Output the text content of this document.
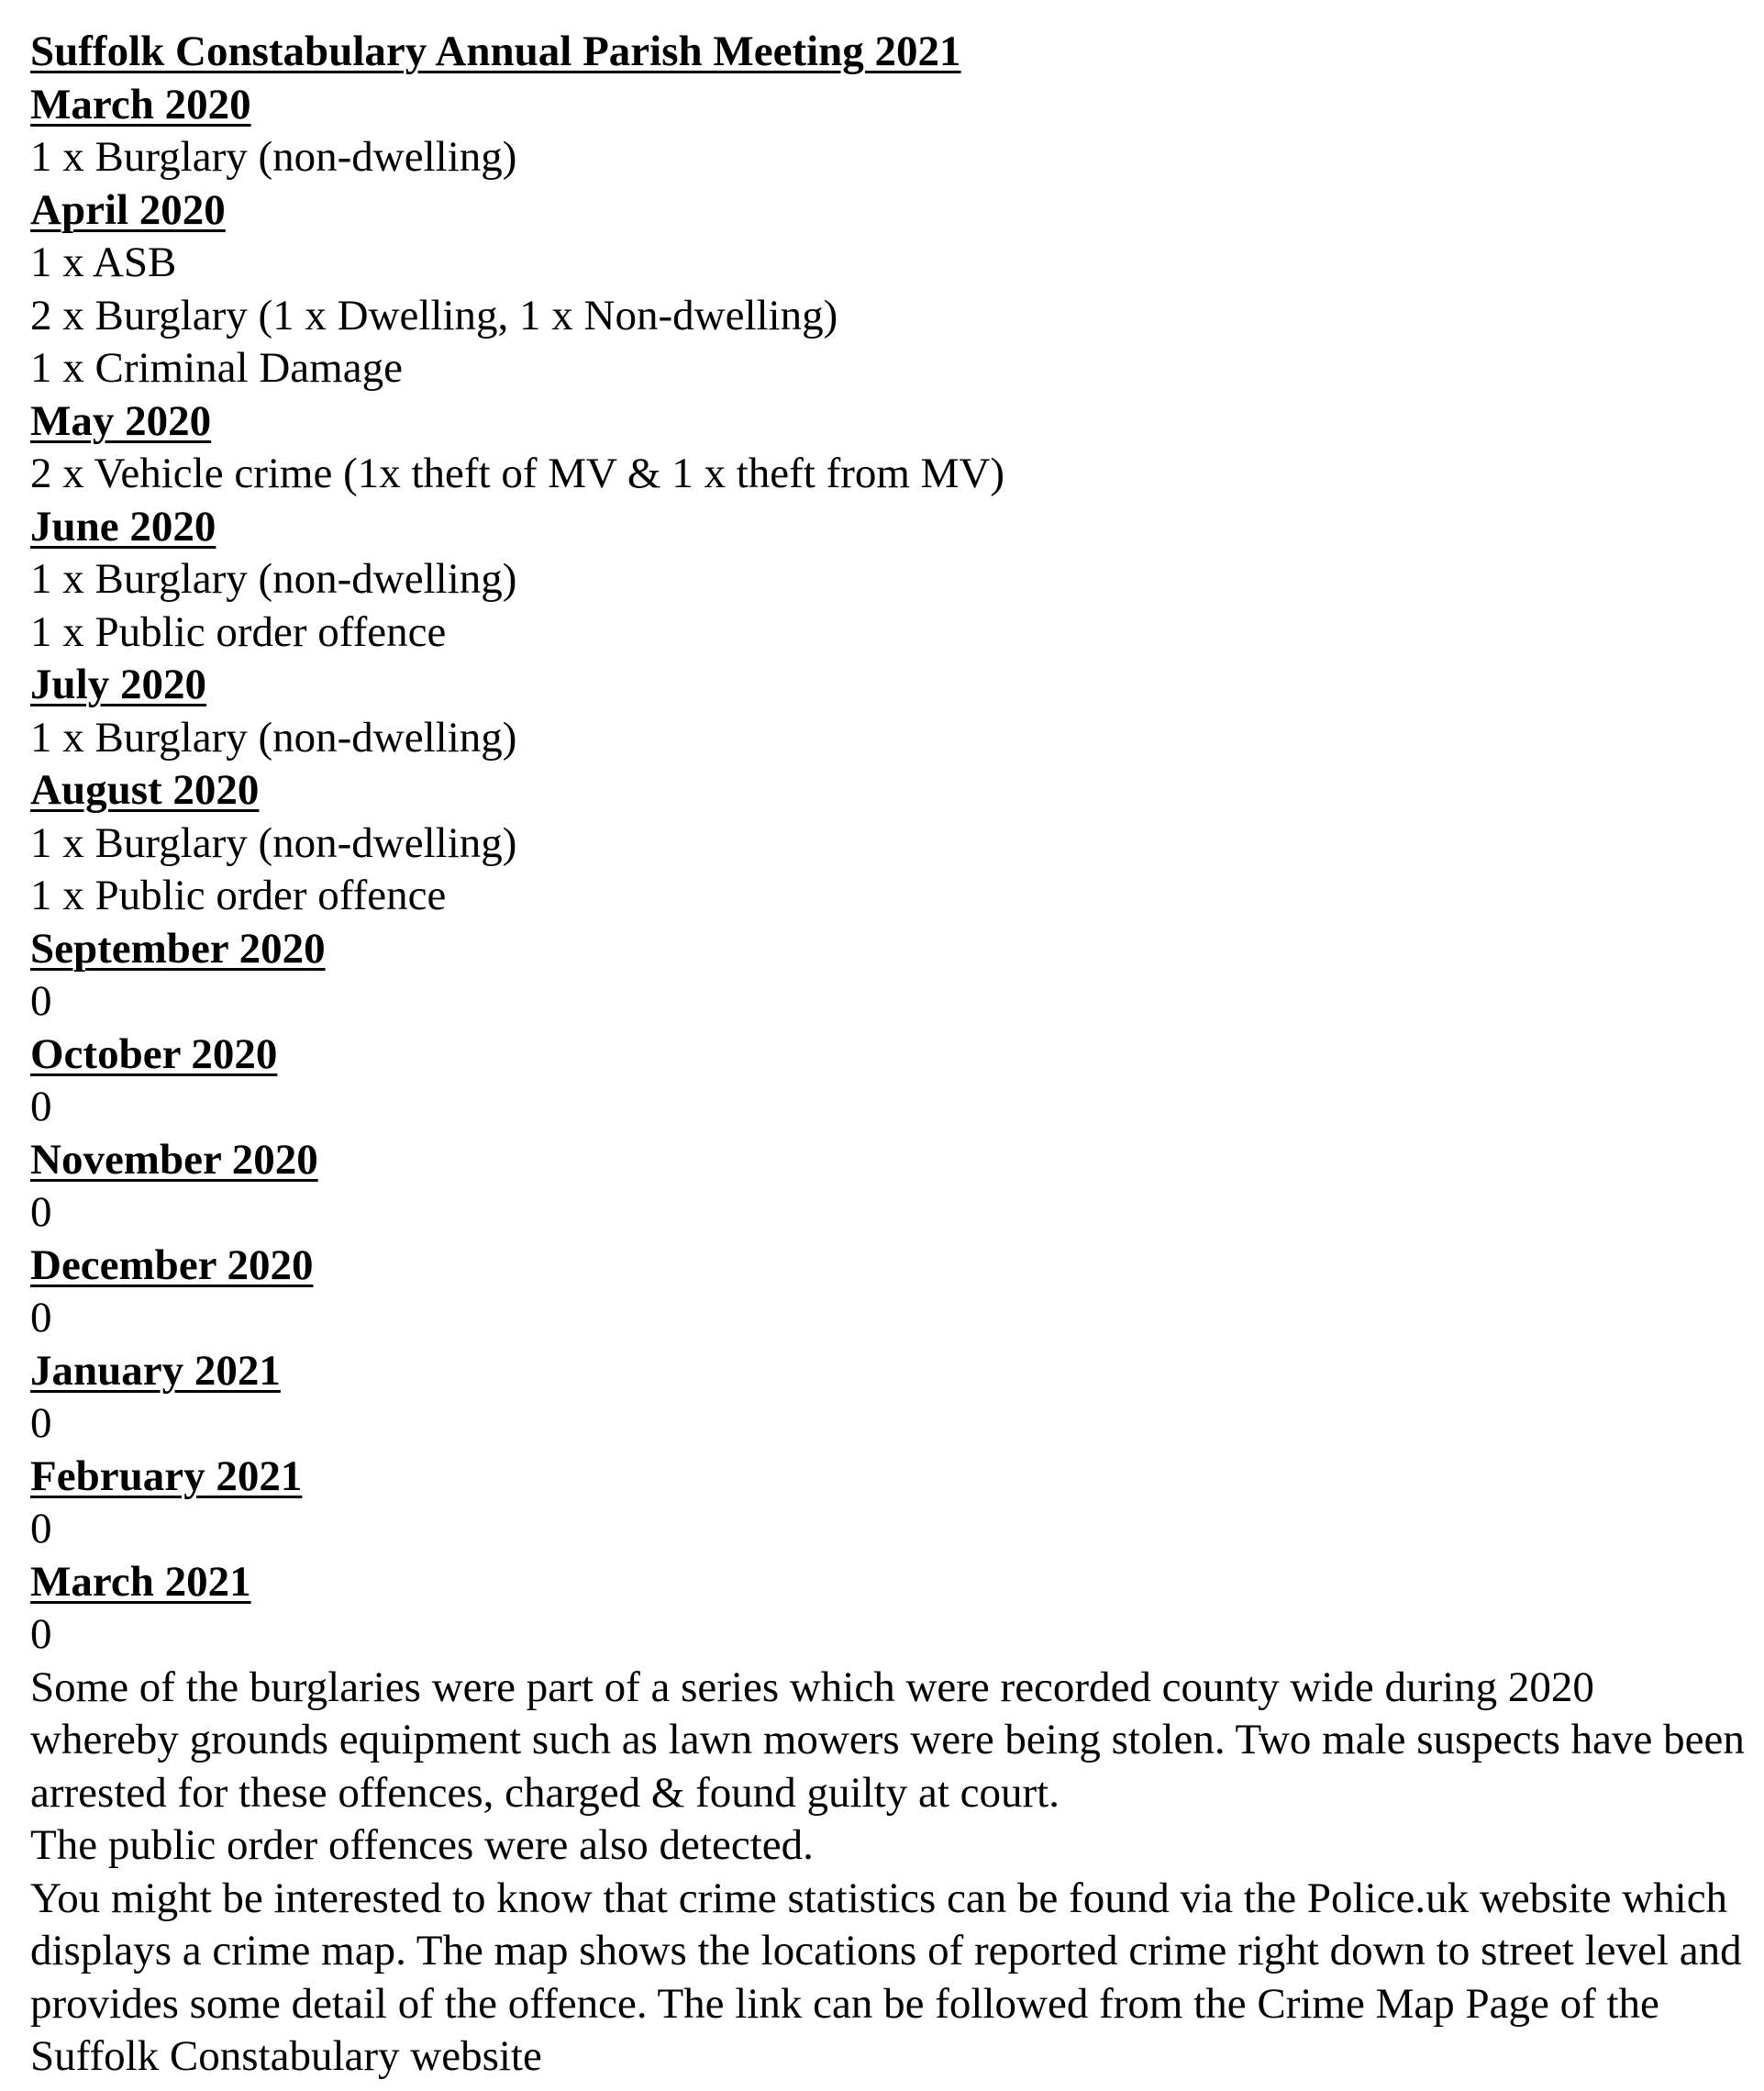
Suffolk Constabulary Annual Parish Meeting 2021
March 2020
1 x Burglary (non-dwelling)
April 2020
1 x ASB
2 x Burglary (1 x Dwelling, 1 x Non-dwelling)
1 x Criminal Damage
May 2020
2 x Vehicle crime (1x theft of MV & 1 x theft from MV)
June 2020
1 x Burglary (non-dwelling)
1 x Public order offence
July 2020
1 x Burglary (non-dwelling)
August 2020
1 x Burglary (non-dwelling)
1 x Public order offence
September 2020
0
October 2020
0
November 2020
0
December 2020
0
January 2021
0
February 2021
0
March 2021
0
Some of the burglaries were part of a series which were recorded county wide during 2020 whereby grounds equipment such as lawn mowers were being stolen. Two male suspects have been arrested for these offences, charged & found guilty at court.
The public order offences were also detected.
You might be interested to know that crime statistics can be found via the Police.uk website which displays a crime map. The map shows the locations of reported crime right down to street level and provides some detail of the offence. The link can be followed from the Crime Map Page of the Suffolk Constabulary website
